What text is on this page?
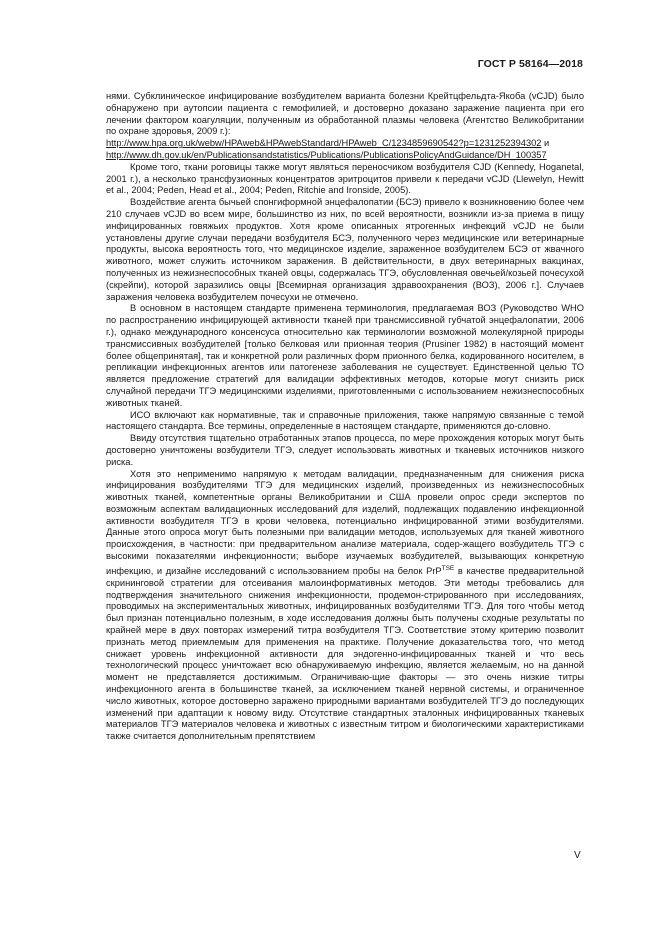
ГОСТ Р 58164—2018

нями. Субклиническое инфицирование возбудителем варианта болезни Крейтцфельдта-Якоба (vCJD) было обнаружено при аутопсии пациента с гемофилией, и достоверно доказано заражение пациента при его лечении фактором коагуляции, полученным из обработанной плазмы человека (Агентство Великобритании по охране здоровья, 2009 г.):
http://www.hpa.org.uk/webw/HPAweb&HPAwebStandard/HPAweb_C/1234859690542?p=1231252394302 и
http://www.dh.gov.uk/en/Publicationsandstatistics/Publications/PublicationsPolicyAndGuidance/DH_100357

Кроме того, ткани роговицы также могут являться переносчиком возбудителя CJD (Kennedy, Hoganetal, 2001 г.), а несколько трансфузионных концентратов эритроцитов привели к передачи vCJD (Llewelyn, Hewitt et al., 2004; Peden, Head et al., 2004; Peden, Ritchie and Ironside, 2005).

Воздействие агента бычьей спонгиформной энцефалопатии (БСЭ) привело к возникновению более чем 210 случаев vCJD во всем мире, большинство из них, по всей вероятности, возникли из-за приема в пищу инфицированных говяжьих продуктов. Хотя кроме описанных ятрогенных инфекций vCJD не были установлены другие случаи передачи возбудителя БСЭ, полученного через медицинские или ветеринарные продукты, высока вероятность того, что медицинское изделие, зараженное возбудителем БСЭ от жвачного животного, может служить источником заражения. В действительности, в двух ветеринарных вакцинах, полученных из нежизнеспособных тканей овцы, содержалась ТГЭ, обусловленная овечьей/козьей почесухой (скрейпи), которой заразились овцы [Всемирная организация здравоохранения (ВОЗ), 2006 г.]. Случаев заражения человека возбудителем почесухи не отмечено.

В основном в настоящем стандарте применена терминология, предлагаемая ВОЗ (Руководство WHO по распространению инфицирующей активности тканей при трансмиссивной губчатой энцефалопатии, 2006 г.), однако международного консенсуса относительно как терминологии возможной молекулярной природы трансмиссивных возбудителей [только белковая или прионная теория (Prusiner 1982) в настоящий момент более общепринятая], так и конкретной роли различных форм прионного белка, кодированного носителем, в репликации инфекционных агентов или патогенезе заболевания не существует. Единственной целью ТО является предложение стратегий для валидации эффективных методов, которые могут снизить риск случайной передачи ТГЭ медицинскими изделиями, приготовленными с использованием нежизнеспособных животных тканей.

ИСО включают как нормативные, так и справочные приложения, также напрямую связанные с темой настоящего стандарта. Все термины, определенные в настоящем стандарте, применяются до-словно.

Ввиду отсутствия тщательно отработанных этапов процесса, по мере прохождения которых могут быть достоверно уничтожены возбудители ТГЭ, следует использовать животных и тканевых источников низкого риска.

Хотя это неприменимо напрямую к методам валидации, предназначенным для снижения риска инфицирования возбудителями ТГЭ для медицинских изделий, произведенных из нежизнеспособных животных тканей, компетентные органы Великобритании и США провели опрос среди экспертов по возможным аспектам валидационных исследований для изделий, подлежащих подавлению инфекционной активности возбудителя ТГЭ в крови человека, потенциально инфицированной этими возбудителями. Данные этого опроса могут быть полезными при валидации методов, используемых для тканей животного происхождения, в частности: при предварительном анализе материала, содер-жащего возбудитель ТГЭ с высокими показателями инфекционности; выборе изучаемых возбудителей, вызывающих конкретную инфекцию, и дизайне исследований с использованием пробы на белок PrP$^{TSE}$ в качестве предварительной скрининговой стратегии для отсеивания малоинформативных методов. Эти методы требовались для подтверждения значительного снижения инфекционности, продемон-стрированного при исследованиях, проводимых на экспериментальных животных, инфицированных возбудителями ТГЭ. Для того чтобы метод был признан потенциально полезным, в ходе исследования должны быть получены сходные результаты по крайней мере в двух повторах измерений титра возбудителя ТГЭ. Соответствие этому критерию позволит признать метод приемлемым для применения на практике. Получение доказательства того, что метод снижает уровень инфекционной активности для эндогенно-инфицированных тканей и что весь технологический процесс уничтожает всю обнаруживаемую инфекцию, является желаемым, но на данной момент не представляется достижимым. Ограничиваю-щие факторы — это очень низкие титры инфекционного агента в большинстве тканей, за исключением тканей нервной системы, и ограниченное число животных, которое достоверно заражено природными вариантами возбудителей ТГЭ до последующих изменений при адаптации к новому виду. Отсутствие стандартных эталонных инфицированных тканевых материалов ТГЭ материалов человека и животных с известным титром и биологическими характеристиками также считается дополнительным препятствием

V
